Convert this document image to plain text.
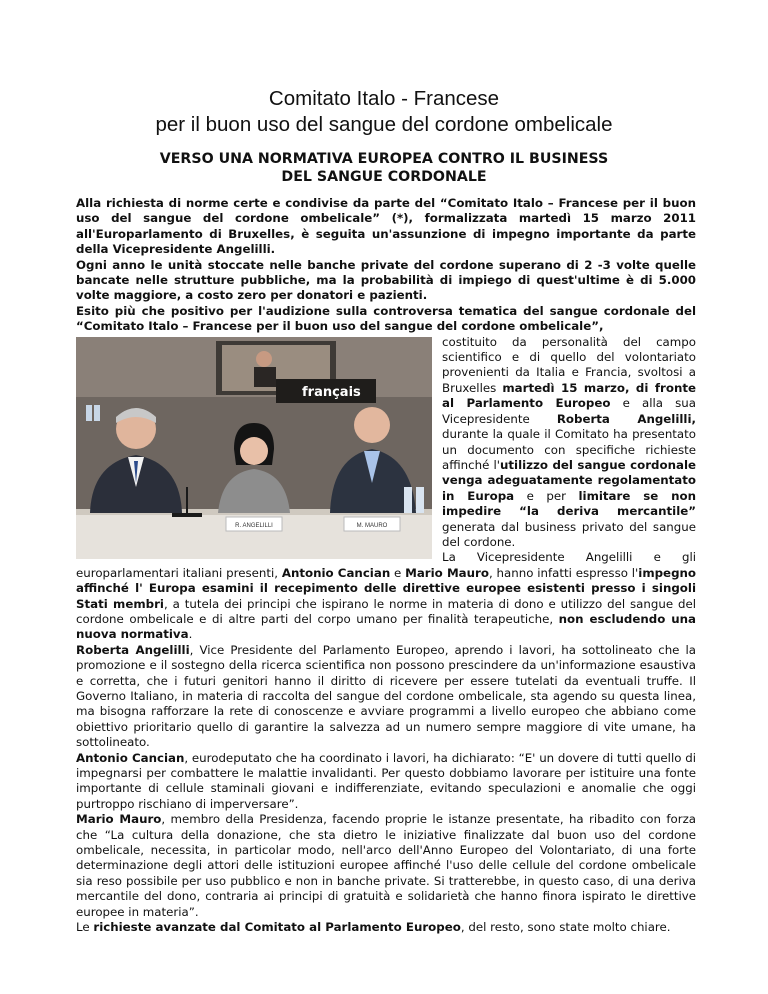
Comitato Italo - Francese
per il buon uso del sangue del cordone ombelicale
VERSO UNA NORMATIVA EUROPEA CONTRO IL BUSINESS
DEL SANGUE CORDONALE

Alla richiesta di norme certe e condivise da parte del “Comitato Italo – Francese per il buon uso del sangue del cordone ombelicale” (*), formalizzata martedì 15 marzo 2011 all'Europarlamento di Bruxelles, è seguita un'assunzione di impegno importante da parte della Vicepresidente Angelilli.

Ogni anno le unità stoccate nelle banche private del cordone superano di 2 -3 volte quelle bancate nelle strutture pubbliche, ma la probabilità di impiego di quest'ultime è di 5.000 volte maggiore, a costo zero per donatori e pazienti.

Esito più che positivo per l'audizione sulla controversa tematica del sangue cordonale del “Comitato Italo – Francese per il buon uso del sangue del cordone ombelicale”,

R. ANGELILLI	M. MAURO
français

costituito da personalità del campo scientifico e di quello del volontariato provenienti da Italia e Francia, svoltosi a Bruxelles martedì 15 marzo, di fronte al Parlamento Europeo e alla sua Vicepresidente Roberta Angelilli, durante la quale il Comitato ha presentato un documento con specifiche richieste affinché l'utilizzo del sangue cordonale venga adeguatamente regolamentato in Europa e per limitare se non impedire “la deriva mercantile” generata dal business privato del sangue del cordone.

La Vicepresidente Angelilli e gli europarlamentari italiani presenti, Antonio Cancian e Mario Mauro, hanno infatti espresso l'impegno affinché l' Europa esamini il recepimento delle direttive europee esistenti presso i singoli Stati membri, a tutela dei principi che ispirano le norme in materia di dono e utilizzo del sangue del cordone ombelicale e di altre parti del corpo umano per finalità terapeutiche, non escludendo una nuova normativa.

Roberta Angelilli, Vice Presidente del Parlamento Europeo, aprendo i lavori, ha sottolineato che la promozione e il sostegno della ricerca scientifica non possono prescindere da un'informazione esaustiva e corretta, che i futuri genitori hanno il diritto di ricevere per essere tutelati da eventuali truffe. Il Governo Italiano, in materia di raccolta del sangue del cordone ombelicale, sta agendo su questa linea, ma bisogna rafforzare la rete di conoscenze e avviare programmi a livello europeo che abbiano come obiettivo prioritario quello di garantire la salvezza ad un numero sempre maggiore di vite umane, ha sottolineato.

Antonio Cancian, eurodeputato che ha coordinato i lavori, ha dichiarato: “E' un dovere di tutti quello di impegnarsi per combattere le malattie invalidanti. Per questo dobbiamo lavorare per istituire una fonte importante di cellule staminali giovani e indifferenziate, evitando speculazioni e anomalie che oggi purtroppo rischiano di imperversare”.

Mario Mauro, membro della Presidenza, facendo proprie le istanze presentate, ha ribadito con forza che “La cultura della donazione, che sta dietro le iniziative finalizzate dal buon uso del cordone ombelicale, necessita, in particolar modo, nell'arco dell'Anno Europeo del Volontariato, di una forte determinazione degli attori delle istituzioni europee affinché l'uso delle cellule del cordone ombelicale sia reso possibile per uso pubblico e non in banche private. Si tratterebbe, in questo caso, di una deriva mercantile del dono, contraria ai principi di gratuità e solidarietà che hanno finora ispirato le direttive europee in materia”.

Le richieste avanzate dal Comitato al Parlamento Europeo, del resto, sono state molto chiare.
